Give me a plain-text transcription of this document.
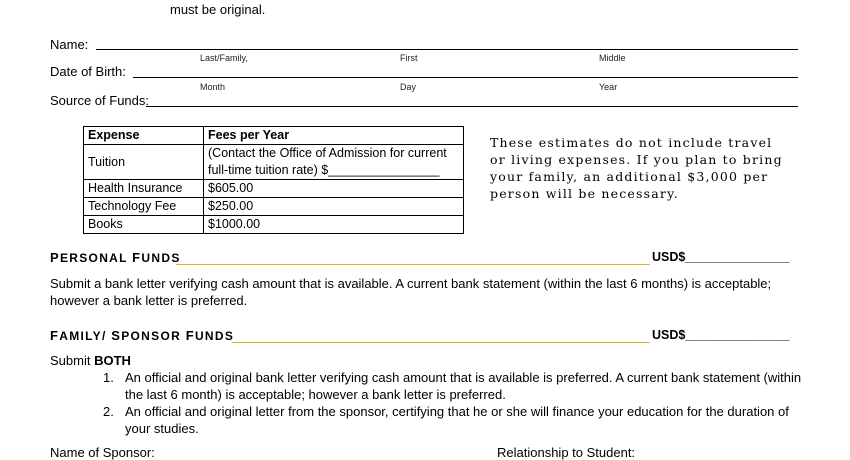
must be original.
Name:
Last/Family,	First	Middle
Date of Birth:
Month	Day	Year
Source of Funds:
Expense	Fees per Year
Tuition	(Contact the Office of Admission for current
full-time tuition rate) $________________

Health Insurance	$605.00
Technology Fee	$250.00
Books	$1000.00
These estimates do not include travel or living expenses. If you plan to bring your family, an additional $3,000 per person will be necessary.
PERSONAL FUNDS	USD$_______________
Submit a bank letter verifying cash amount that is available. A current bank statement (within the last 6 months) is acceptable; however a bank letter is preferred.
FAMILY/ SPONSOR FUNDS	USD$_______________
Submit BOTH
1. An official and original bank letter verifying cash amount that is available is preferred. A current bank statement (within the last 6 month) is acceptable; however a bank letter is preferred.
2. An official and original letter from the sponsor, certifying that he or she will finance your education for the duration of your studies.
Name of Sponsor:	Relationship to Student:
